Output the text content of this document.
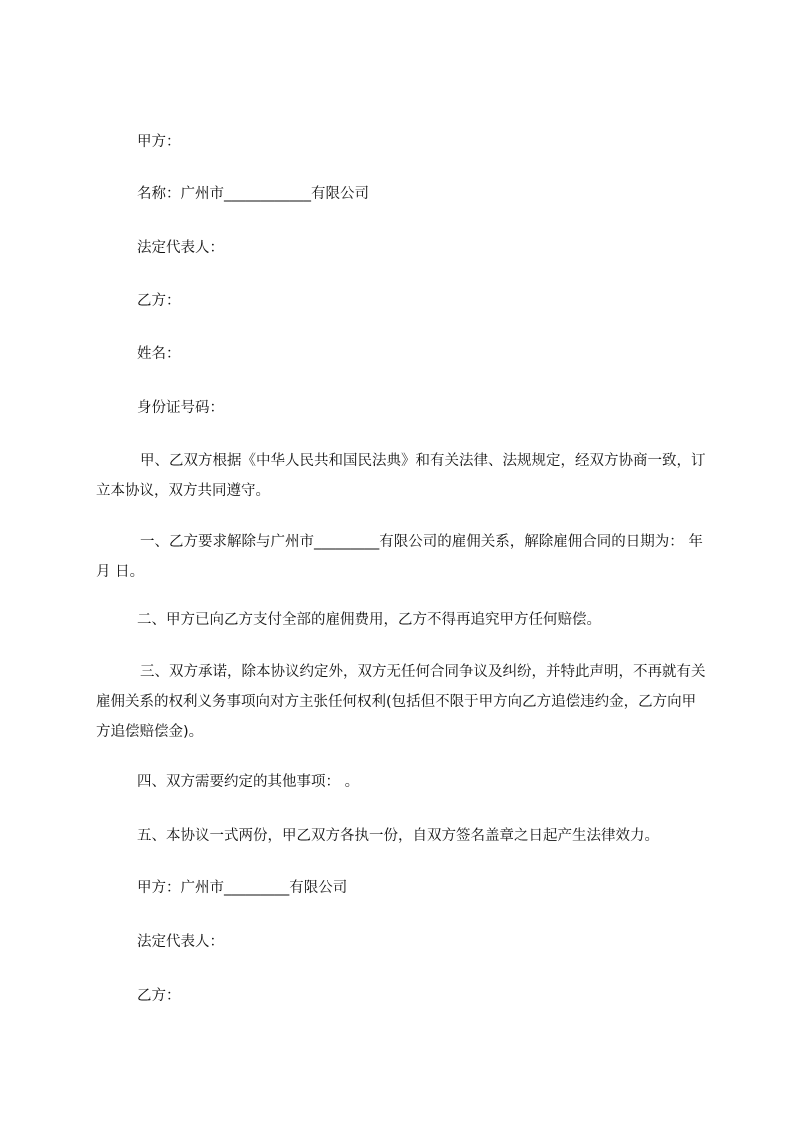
甲方：

名称：广州市____________有限公司

法定代表人：

乙方：

姓名：

身份证号码：

甲、乙双方根据《中华人民共和国民法典》和有关法律、法规规定，经双方协商一致，订立本协议，双方共同遵守。

一、乙方要求解除与广州市_________有限公司的雇佣关系，解除雇佣合同的日期为： 年 月 日。

二、甲方已向乙方支付全部的雇佣费用，乙方不得再追究甲方任何赔偿。

三、双方承诺，除本协议约定外，双方无任何合同争议及纠纷，并特此声明，不再就有关雇佣关系的权利义务事项向对方主张任何权利(包括但不限于甲方向乙方追偿违约金，乙方向甲方追偿赔偿金)。

四、双方需要约定的其他事项： 。

五、本协议一式两份，甲乙双方各执一份，自双方签名盖章之日起产生法律效力。

甲方：广州市_________有限公司

法定代表人：

乙方：
